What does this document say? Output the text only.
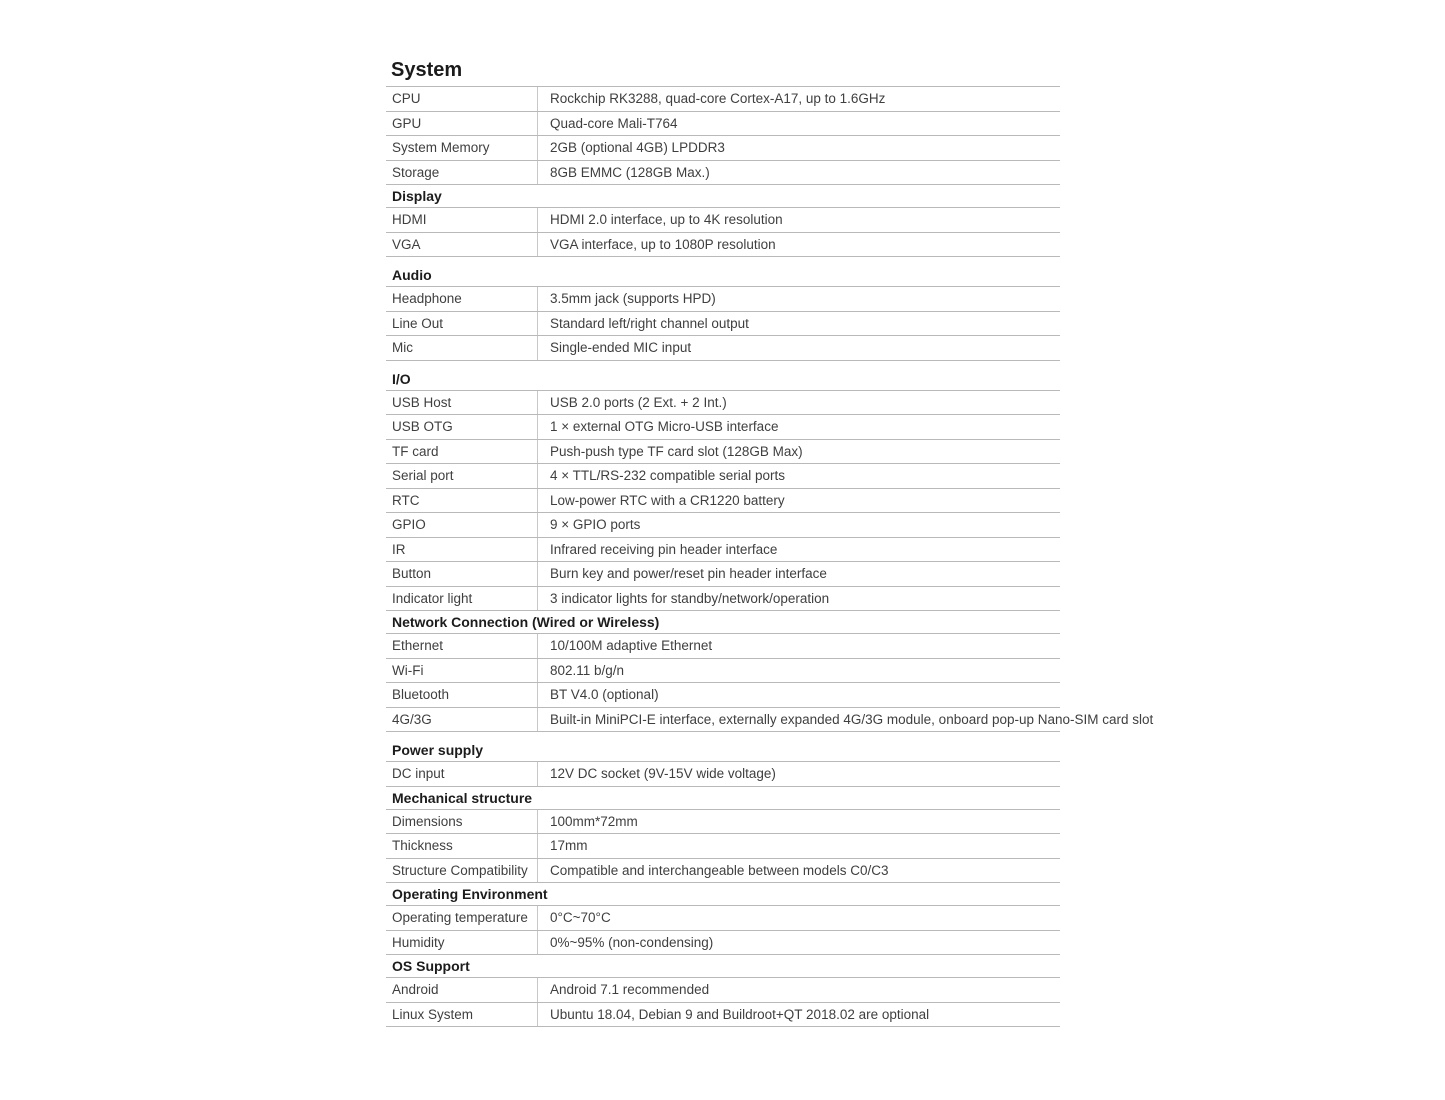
System
CPU	Rockchip RK3288, quad-core Cortex-A17, up to 1.6GHz
GPU	Quad-core Mali-T764
System Memory	2GB (optional 4GB) LPDDR3
Storage	8GB EMMC (128GB Max.)
Display
HDMI	HDMI 2.0 interface, up to 4K resolution
VGA	VGA interface, up to 1080P resolution
Audio
Headphone	3.5mm jack (supports HPD)
Line Out	Standard left/right channel output
Mic	Single-ended MIC input
I/O
USB Host	USB 2.0 ports (2 Ext. + 2 Int.)
USB OTG	1 × external OTG Micro-USB interface
TF card	Push-push type TF card slot (128GB Max)
Serial port	4 × TTL/RS-232 compatible serial ports
RTC	Low-power RTC with a CR1220 battery
GPIO	9 × GPIO ports
IR	Infrared receiving pin header interface
Button	Burn key and power/reset pin header interface
Indicator light	3 indicator lights for standby/network/operation
Network Connection (Wired or Wireless)
Ethernet	10/100M adaptive Ethernet
Wi-Fi	802.11 b/g/n
Bluetooth	BT V4.0 (optional)
4G/3G	Built-in MiniPCI-E interface, externally expanded 4G/3G module, onboard pop-up Nano-SIM card slot
Power supply
DC input	12V DC socket (9V-15V wide voltage)
Mechanical structure
Dimensions	100mm*72mm
Thickness	17mm
Structure Compatibility	Compatible and interchangeable between models C0/C3
Operating Environment
Operating temperature	0°C~70°C
Humidity	0%~95% (non-condensing)
OS Support
Android	Android 7.1 recommended
Linux System	Ubuntu 18.04, Debian 9 and Buildroot+QT 2018.02 are optional
